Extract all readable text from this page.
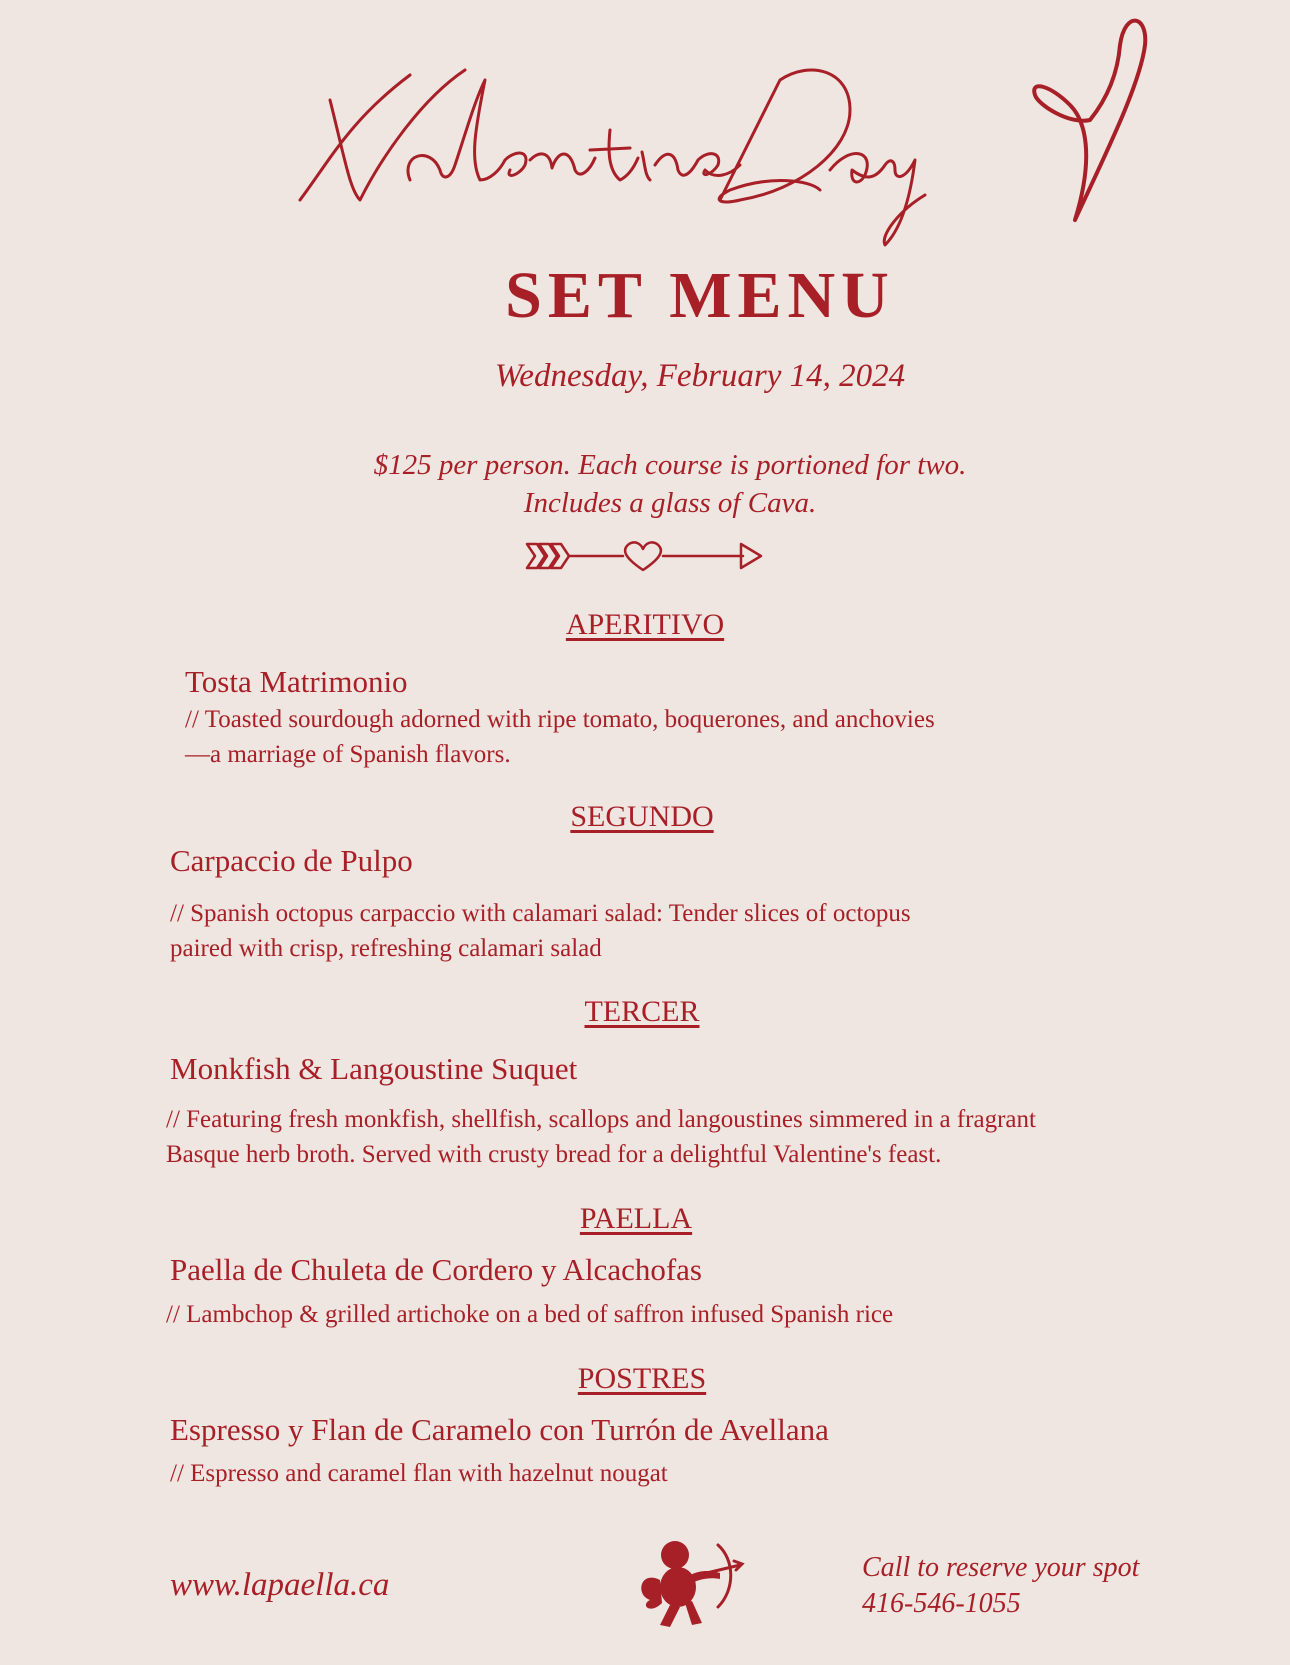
SET MENU
Wednesday, February 14, 2024
$125 per person. Each course is portioned for two.
Includes a glass of Cava.
APERITIVO
Tosta Matrimonio
// Toasted sourdough adorned with ripe tomato, boquerones, and anchovies
—a marriage of Spanish flavors.
SEGUNDO
Carpaccio de Pulpo
// Spanish octopus carpaccio with calamari salad: Tender slices of octopus
paired with crisp, refreshing calamari salad
TERCER
Monkfish & Langoustine Suquet
// Featuring fresh monkfish, shellfish, scallops and langoustines simmered in a fragrant
Basque herb broth. Served with crusty bread for a delightful Valentine's feast.
PAELLA
Paella de Chuleta de Cordero y Alcachofas
// Lambchop & grilled artichoke on a bed of saffron infused Spanish rice
POSTRES
Espresso y Flan de Caramelo con Turrón de Avellana
// Espresso and caramel flan with hazelnut nougat
www.lapaella.ca	Call to reserve your spot
416-546-1055
